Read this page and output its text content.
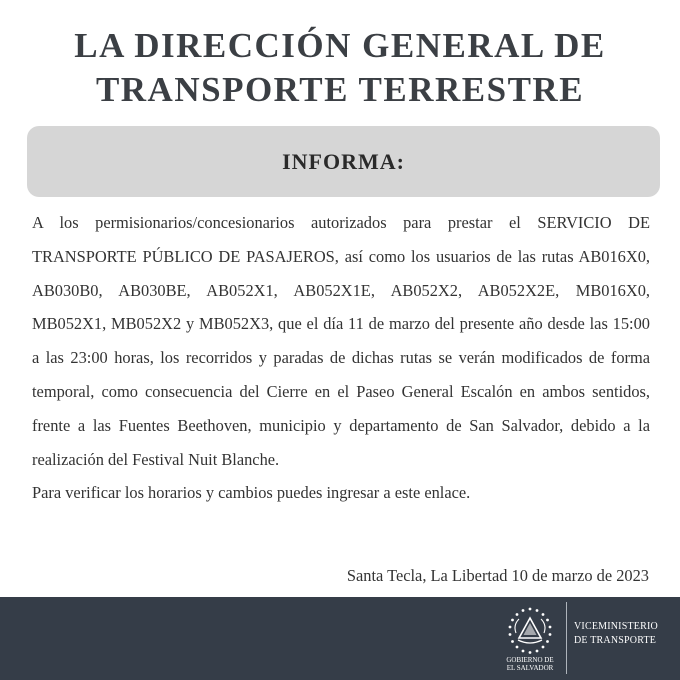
LA DIRECCIÓN GENERAL DE
TRANSPORTE TERRESTRE
INFORMA:

A los permisionarios/concesionarios autorizados para prestar el SERVICIO DE TRANSPORTE PÚBLICO DE PASAJEROS, así como los usuarios de las rutas AB016X0, AB030B0, AB030BE, AB052X1, AB052X1E, AB052X2, AB052X2E, MB016X0, MB052X1, MB052X2 y MB052X3, que el día 11 de marzo del presente año desde las 15:00 a las 23:00 horas, los recorridos y paradas de dichas rutas se verán modificados de forma temporal, como consecuencia del Cierre en el Paseo General Escalón en ambos sentidos, frente a las Fuentes Beethoven, municipio y departamento de San Salvador, debido a la realización del Festival Nuit Blanche.

Para verificar los horarios y cambios puedes ingresar a este enlace.

Santa Tecla, La Libertad 10 de marzo de 2023
GOBIERNO DE
EL SALVADOR
VICEMINISTERIO
DE TRANSPORTE
